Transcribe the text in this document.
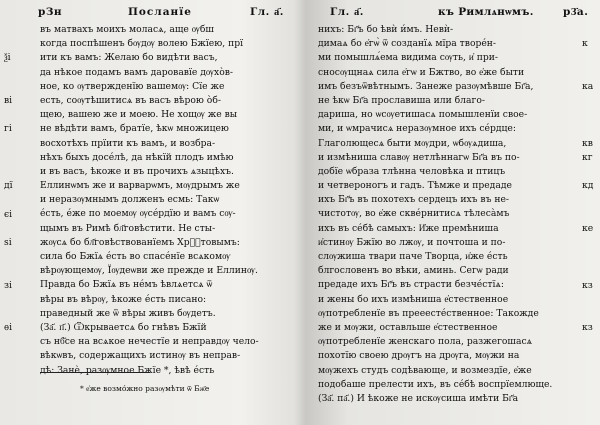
рЗн	Посланїе	Гл. а҃.
въ матвахъ моихъ моласѧ, аще ѹбш
когда поспѣшенъ бѹдѹ волею Бжїею, прї
ити къ вамъ: Желаю бо видѣти васъ,
да нѣкое подамъ вамъ даровавїе дѹхо̀в-
ное, ко ѹтвержденїю вашемѹ: Сїе же
есть, соѹтѣшитисѧ въ васъ вѣрою о̀б-
щею, вашею же и моею. Не хощѹ же вы
не вѣдѣти вамъ, братїе, ѣкѡ множицею
восхотѣхъ прїити къ вамъ, и возбра-
нѣхъ быхъ досе́лѣ, да нѣкїй плодъ имѣю
и въ васъ, ѣкоже и въ прочихъ ѧзыцѣхъ.
Еллинѡмъ же и варварѡмъ, мѹдрымъ же
и неразѹмнымъ долженъ есмь: Такѡ
е́сть, е́же по моемѹ ѹсе́рдїю и вамъ сѹ-
щымъ въ Римѣ бл҃говѣстити. Не сты-
жѹсѧ бо бл҃говѣствованїемъ Хрⷭ҇товымъ:
сила бо Бжїѧ е́сть во спасе́нїе всѧкомѹ
вѣрѹющемѹ, Їѹдеѡви же прежде и Еллинѹ.
Правда бо Бжїѧ въ не́мъ ѣвлѧетсѧ ѿ
вѣры въ вѣрѹ, ѣкоже е́сть писано:
праведный же ѿ вѣры живъ бѹдетъ.
(За҃. п҃.) Ѿкрываетсѧ бо гнѣвъ Бжїй
съ нб҃се на всѧкое нечестїе и неправдѹ чело-
вѣкѡвъ, содержащихъ истинѹ въ неправ-
дѣ: Занѐ, разѹмное Бжїе *, ѣвѣ е́сть
ѯі
ві
гі
дї
єі
ѕі
зі
ѳі
* е҆же возмо́жно разѹмѣти ѿ Бж҃е
Гл. а҃.	къ Римлѧнѡмъ.	рЗ҃а.
нихъ: Бг҃ъ бо ѣвѝ и́мъ. Невѝ-
димаѧ бо е҆гѡ̀ ѿ созданїѧ мїра творе́н-
ми помышлѧ́ема видима сѹть, и҆ при-
сносѹщнаѧ сила е҆гѡ и Бжтво, во е҆же быти
имъ безъѿвѣтнымъ. Занеже разѹмѣвше Бг҃а,
не ѣкѡ Бг҃а прославиша или благо-
дариша, но ѡсѹетишасѧ помышленїи свое-
ми, и ѡмрачисѧ неразѹмное ихъ се́рдце:
Глаголющесѧ быти мѹдри, ѡбѹѧдиша,
и измѣниша славѹ нетлѣннагѡ Бг҃а въ по-
добїе ѡбраза тлѣнна человѣка и птицъ
и четвероногъ и гадъ. Тѣмже и предаде
ихъ Бг҃ъ въ похотехъ сердецъ ихъ въ не-
чистотѹ, во е҆же скве́рнитисѧ тѣлеса̀мъ
ихъ въ се́бѣ самыхъ: И҆же премѣниша
и҆стинѹ Бжїю во лжѹ, и почтоша и по-
слѹжиша твари паче Творца, и҆же е́сть
блгословенъ во вѣки, аминь. Сегѡ ради
предаде ихъ Бг҃ъ въ страсти безче́стїѧ:
и жены бо ихъ измѣниша е҆стественное
ѹпотребленїе въ прееесте́ственное: Такожде
же и мѹжи, оставльше е҆стественное
ѹпотребленїе женскаго пола, разжегошасѧ
похотїю своею дрѹгъ на дрѹга, мѹжи на
мѹжехъ студъ содѣвающе, и возмездїе, е҆же
подобаше прелести ихъ, въ се́бѣ воспрїемлюще.
(За҃. па҃.) И ѣкоже не искѹсиша имѣти Бг҃а
к
ка
кв
кг
кд
ке
кз
кз
